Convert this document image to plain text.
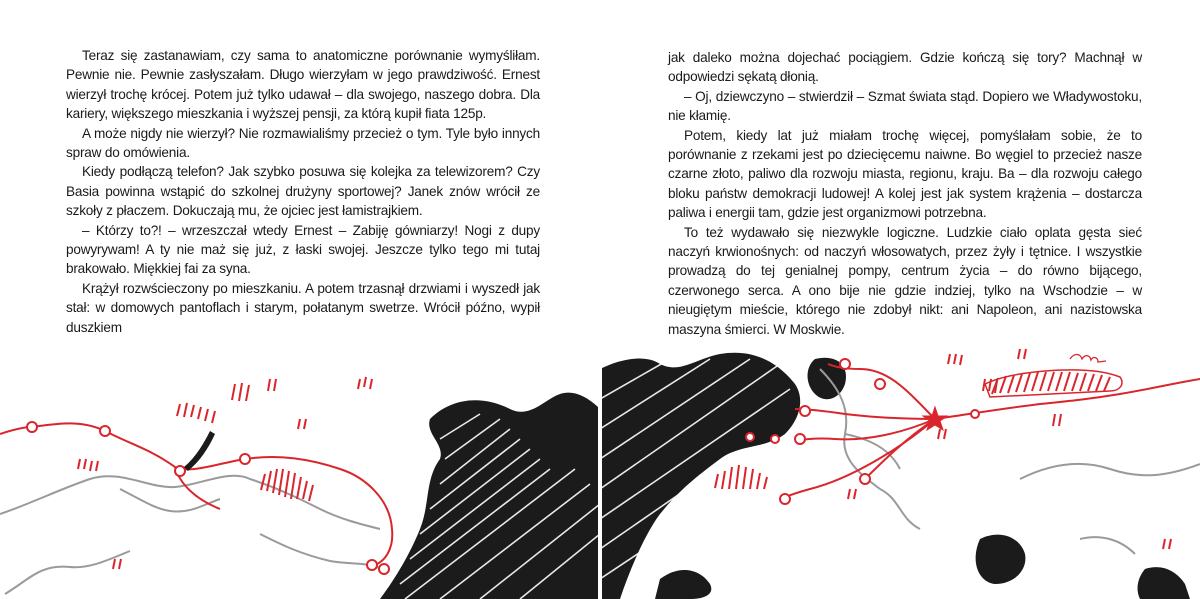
Teraz się zastanawiam, czy sama to anatomiczne porównanie wymyśliłam. Pewnie nie. Pewnie zasłyszałam. Długo wierzyłam w jego prawdziwość. Ernest wierzył trochę krócej. Potem już tylko udawał – dla swojego, naszego dobra. Dla kariery, większego mieszkania i wyższej pensji, za którą kupił fiata 125p.

A może nigdy nie wierzył? Nie rozmawialiśmy przecież o tym. Tyle było innych spraw do omówienia.

Kiedy podłączą telefon? Jak szybko posuwa się kolejka za telewizorem? Czy Basia powinna wstąpić do szkolnej drużyny sportowej? Janek znów wrócił ze szkoły z płaczem. Dokuczają mu, że ojciec jest łamistrajkiem.

– Którzy to?! – wrzeszczał wtedy Ernest – Zabiję gówniarzy! Nogi z dupy powyrywam! A ty nie maż się już, z łaski swojej. Jeszcze tylko tego mi tutaj brakowało. Miękkiej fai za syna.

Krążył rozwścieczony po mieszkaniu. A potem trzasnął drzwiami i wyszedł jak stał: w domowych pantoflach i starym, połatanym swetrze. Wrócił późno, wypił duszkiem

jak daleko można dojechać pociągiem. Gdzie kończą się tory? Machnął w odpowiedzi sękatą dłonią.

– Oj, dziewczyno – stwierdził – Szmat świata stąd. Dopiero we Władywostoku, nie kłamię.

Potem, kiedy lat już miałam trochę więcej, pomyślałam sobie, że to porównanie z rzekami jest po dziecięcemu naiwne. Bo węgiel to przecież nasze czarne złoto, paliwo dla rozwoju miasta, regionu, kraju. Ba – dla rozwoju całego bloku państw demokracji ludowej! A kolej jest jak system krążenia – dostarcza paliwa i energii tam, gdzie jest organizmowi potrzebna.

To też wydawało się niezwykle logiczne. Ludzkie ciało oplata gęsta sieć naczyń krwionośnych: od naczyń włosowatych, przez żyły i tętnice. I wszystkie prowadzą do tej genialnej pompy, centrum życia – do równo bijącego, czerwonego serca. A ono bije nie gdzie indziej, tylko na Wschodzie – w nieugiętym mieście, którego nie zdobył nikt: ani Napoleon, ani nazistowska maszyna śmierci. W Moskwie.
